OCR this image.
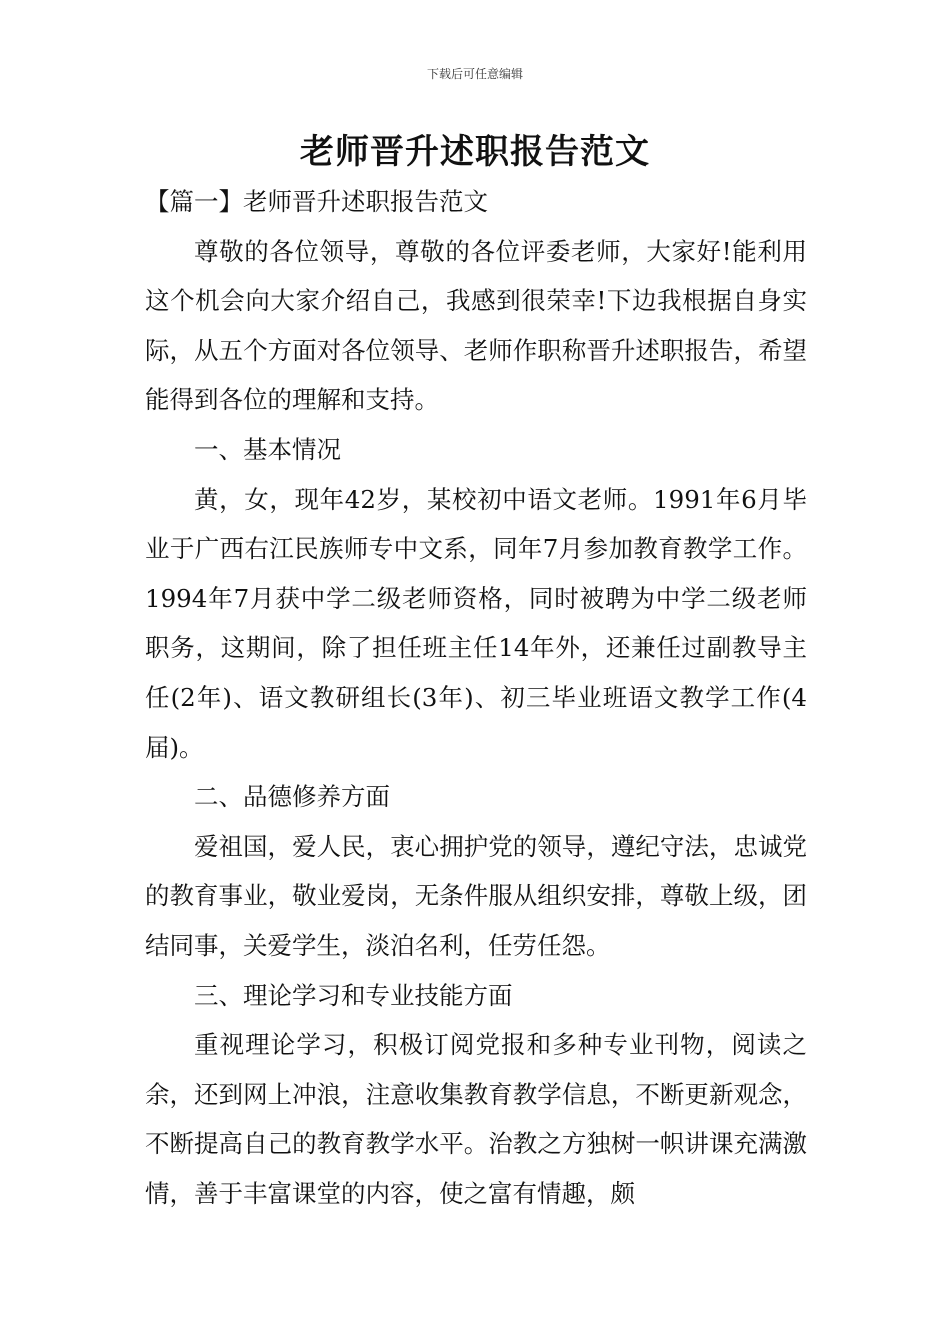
下载后可任意编辑
老师晋升述职报告范文

【篇一】老师晋升述职报告范文

尊敬的各位领导，尊敬的各位评委老师，大家好!能利用这个机会向大家介绍自己，我感到很荣幸!下边我根据自身实际，从五个方面对各位领导、老师作职称晋升述职报告，希望能得到各位的理解和支持。

一、基本情况

黄，女，现年42岁，某校初中语文老师。1991年6月毕业于广西右江民族师专中文系，同年7月参加教育教学工作。1994年7月获中学二级老师资格，同时被聘为中学二级老师职务，这期间，除了担任班主任14年外，还兼任过副教导主任(2年)、语文教研组长(3年)、初三毕业班语文教学工作(4届)。

二、品德修养方面

爱祖国，爱人民，衷心拥护党的领导，遵纪守法，忠诚党的教育事业，敬业爱岗，无条件服从组织安排，尊敬上级，团结同事，关爱学生，淡泊名利，任劳任怨。

三、理论学习和专业技能方面

重视理论学习，积极订阅党报和多种专业刊物，阅读之余，还到网上冲浪，注意收集教育教学信息，不断更新观念，不断提高自己的教育教学水平。治教之方独树一帜讲课充满激情，善于丰富课堂的内容，使之富有情趣，颇
